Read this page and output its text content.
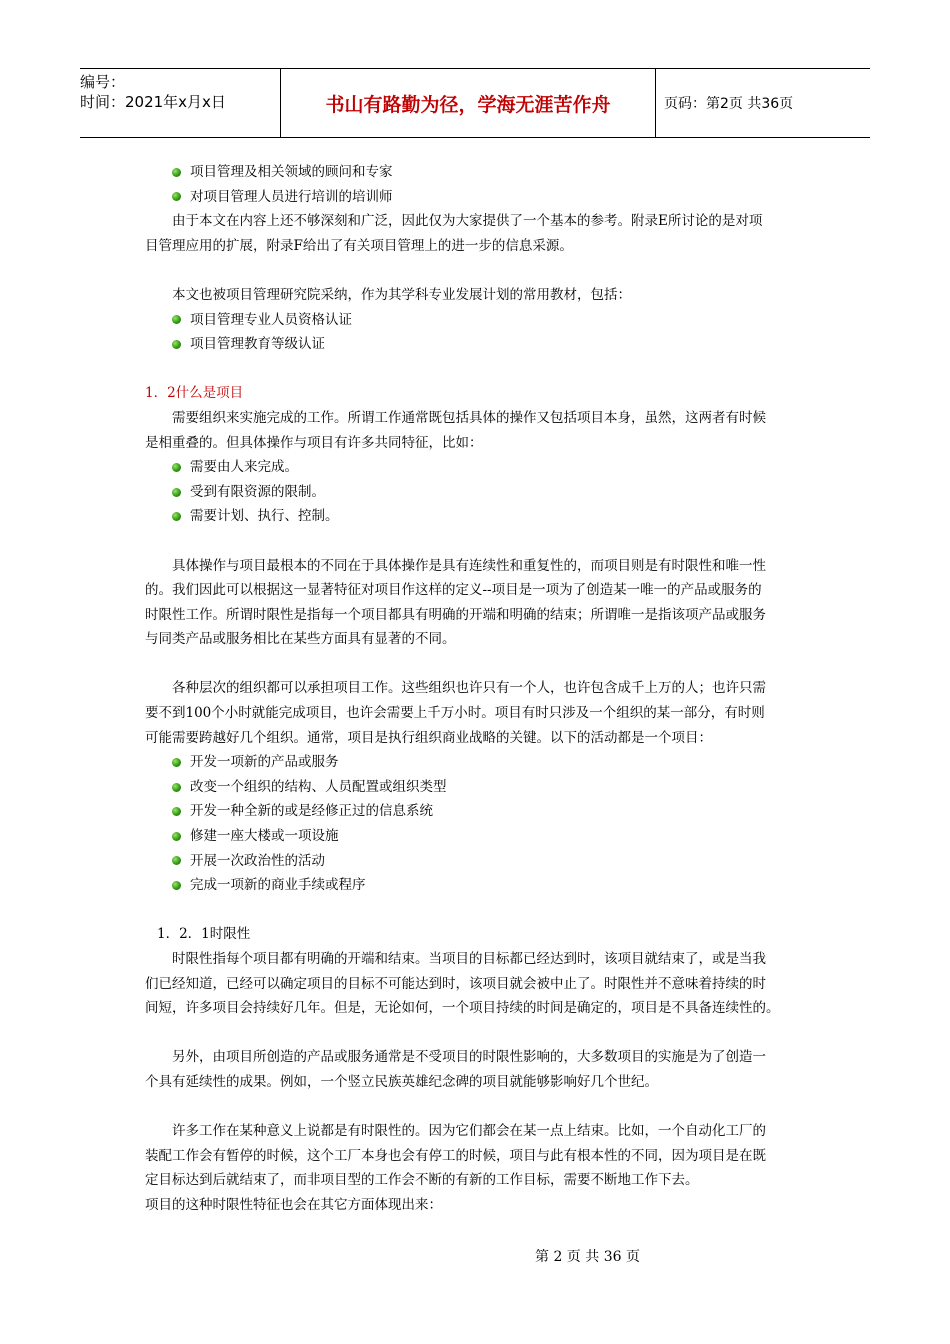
编号：
时间：2021年x月x日	书山有路勤为径，学海无涯苦作舟	页码：第2页 共36页
项目管理及相关领域的顾问和专家
对项目管理人员进行培训的培训师

由于本文在内容上还不够深刻和广泛，因此仅为大家提供了一个基本的参考。附录E所讨论的是对项

目管理应用的扩展，附录F给出了有关项目管理上的进一步的信息采源。

本文也被项目管理研究院采纳，作为其学科专业发展计划的常用教材，包括：

项目管理专业人员资格认证
项目管理教育等级认证

1．2什么是项目

需要组织来实施完成的工作。所谓工作通常既包括具体的操作又包括项目本身，虽然，这两者有时候

是相重叠的。但具体操作与项目有许多共同特征，比如：

需要由人来完成。
受到有限资源的限制。
需要计划、执行、控制。

具体操作与项目最根本的不同在于具体操作是具有连续性和重复性的，而项目则是有时限性和唯一性

的。我们因此可以根据这一显著特征对项目作这样的定义--项目是一项为了创造某一唯一的产品或服务的

时限性工作。所谓时限性是指每一个项目都具有明确的开端和明确的结束；所谓唯一是指该项产品或服务

与同类产品或服务相比在某些方面具有显著的不同。

各种层次的组织都可以承担项目工作。这些组织也许只有一个人，也许包含成千上万的人；也许只需

要不到100个小时就能完成项目，也许会需要上千万小时。项目有时只涉及一个组织的某一部分，有时则

可能需要跨越好几个组织。通常，项目是执行组织商业战略的关键。以下的活动都是一个项目：

开发一项新的产品或服务
改变一个组织的结构、人员配置或组织类型
开发一种全新的或是经修正过的信息系统
修建一座大楼或一项设施
开展一次政治性的活动
完成一项新的商业手续或程序

1．2．1时限性

时限性指每个项目都有明确的开端和结束。当项目的目标都已经达到时，该项目就结束了，或是当我

们已经知道，已经可以确定项目的目标不可能达到时，该项目就会被中止了。时限性并不意味着持续的时

间短，许多项目会持续好几年。但是，无论如何，一个项目持续的时间是确定的，项目是不具备连续性的。

另外，由项目所创造的产品或服务通常是不受项目的时限性影响的，大多数项目的实施是为了创造一

个具有延续性的成果。例如，一个竖立民族英雄纪念碑的项目就能够影响好几个世纪。

许多工作在某种意义上说都是有时限性的。因为它们都会在某一点上结束。比如，一个自动化工厂的

装配工作会有暂停的时候，这个工厂本身也会有停工的时候，项目与此有根本性的不同，因为项目是在既

定目标达到后就结束了，而非项目型的工作会不断的有新的工作目标，需要不断地工作下去。

项目的这种时限性特征也会在其它方面体现出来：

第 2 页 共 36 页
